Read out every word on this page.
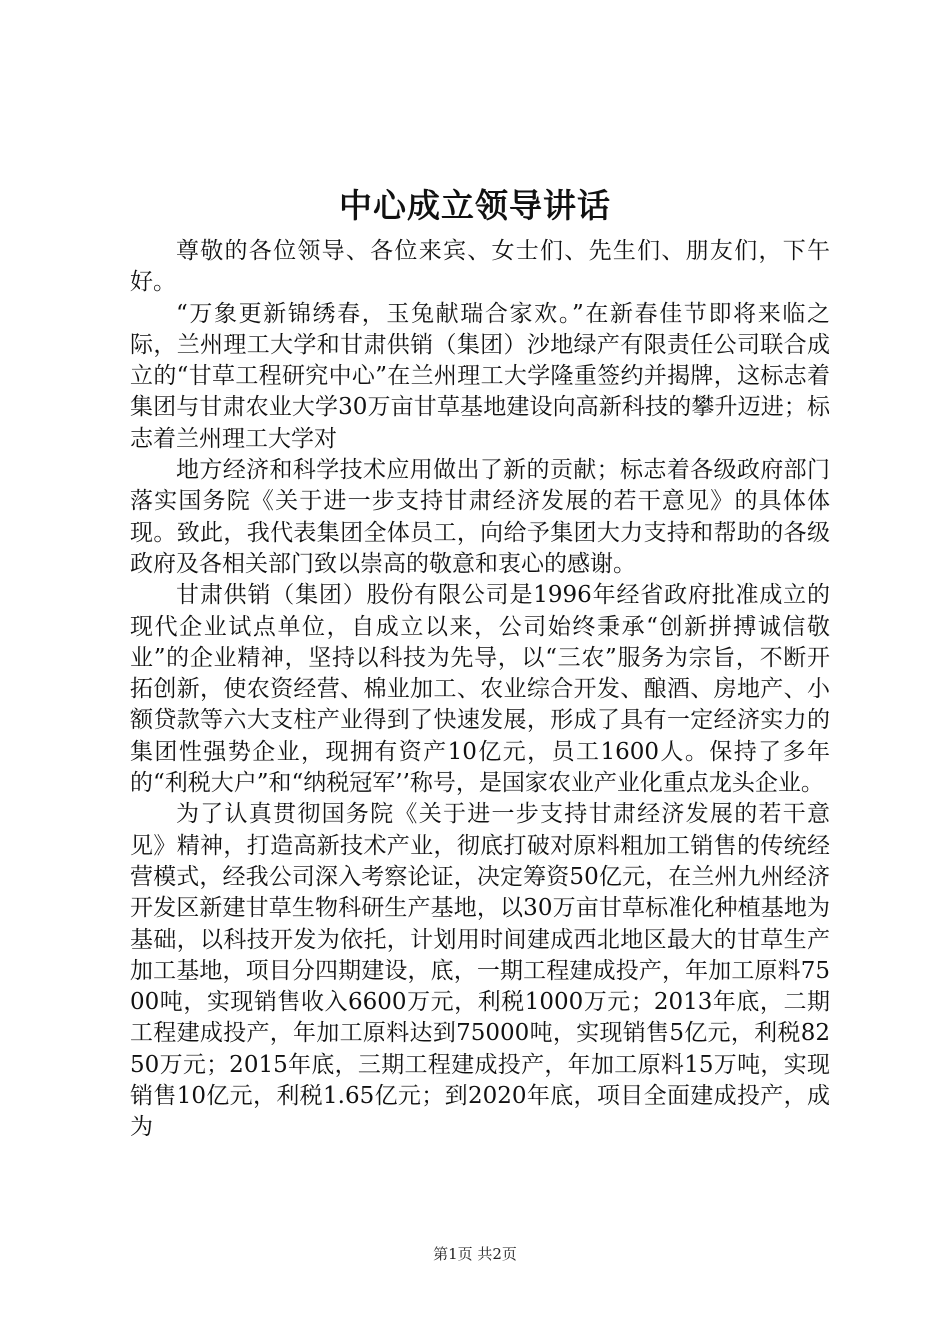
中心成立领导讲话

尊敬的各位领导、各位来宾、女士们、先生们、朋友们，下午好。

“万象更新锦绣春，玉兔献瑞合家欢。”在新春佳节即将来临之际，兰州理工大学和甘肃供销（集团）沙地绿产有限责任公司联合成立的“甘草工程研究中心”在兰州理工大学隆重签约并揭牌，这标志着集团与甘肃农业大学30万亩甘草基地建设向高新科技的攀升迈进；标志着兰州理工大学对

地方经济和科学技术应用做出了新的贡献；标志着各级政府部门落实国务院《关于进一步支持甘肃经济发展的若干意见》的具体体现。致此，我代表集团全体员工，向给予集团大力支持和帮助的各级政府及各相关部门致以崇高的敬意和衷心的感谢。

甘肃供销（集团）股份有限公司是1996年经省政府批准成立的现代企业试点单位，自成立以来，公司始终秉承“创新拼搏诚信敬业”的企业精神，坚持以科技为先导，以“三农”服务为宗旨，不断开拓创新，使农资经营、棉业加工、农业综合开发、酿酒、房地产、小额贷款等六大支柱产业得到了快速发展，形成了具有一定经济实力的集团性强势企业，现拥有资产10亿元，员工1600人。保持了多年的“利税大户”和“纳税冠军’’称号，是国家农业产业化重点龙头企业。

为了认真贯彻国务院《关于进一步支持甘肃经济发展的若干意见》精神，打造高新技术产业，彻底打破对原料粗加工销售的传统经营模式，经我公司深入考察论证，决定筹资50亿元，在兰州九州经济开发区新建甘草生物科研生产基地，以30万亩甘草标准化种植基地为基础，以科技开发为依托，计划用时间建成西北地区最大的甘草生产加工基地，项目分四期建设，底，一期工程建成投产，年加工原料7500吨，实现销售收入6600万元，利税1000万元；2013年底，二期工程建成投产，年加工原料达到75000吨，实现销售5亿元，利税8250万元；2015年底，三期工程建成投产，年加工原料15万吨，实现销售10亿元，利税1.65亿元；到2020年底，项目全面建成投产，成为

第1页 共2页
